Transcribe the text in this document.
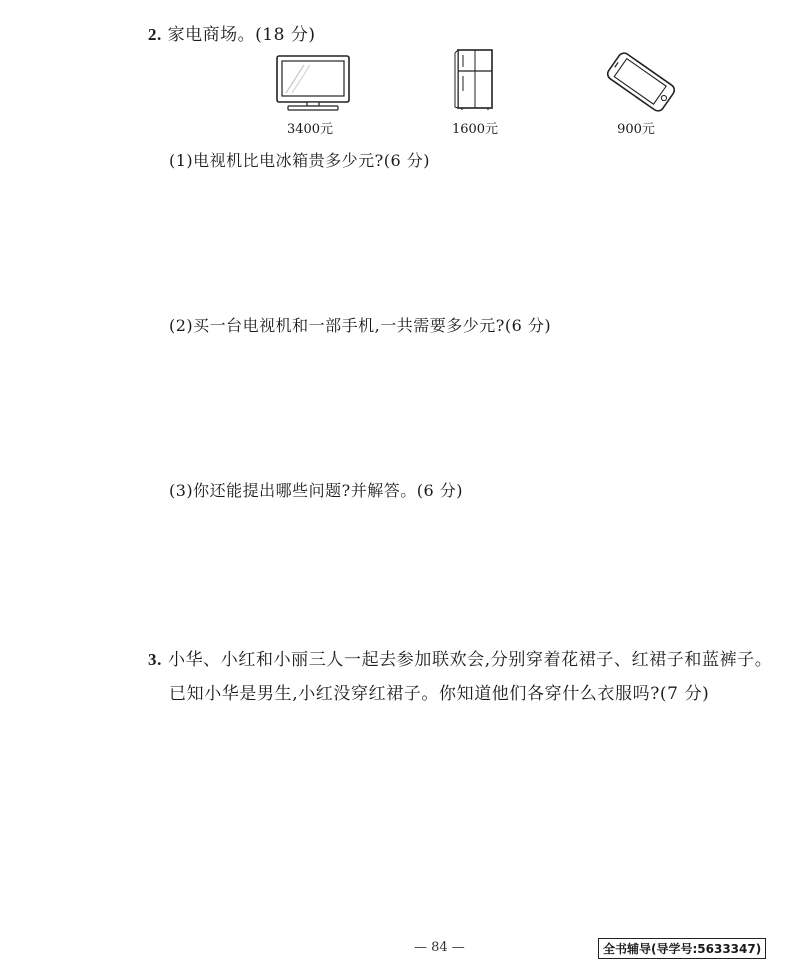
2. 家电商场。(18 分)
3400元	1600元	900元
(1)电视机比电冰箱贵多少元?(6 分)
(2)买一台电视机和一部手机,一共需要多少元?(6 分)
(3)你还能提出哪些问题?并解答。(6 分)
3. 小华、小红和小丽三人一起去参加联欢会,分别穿着花裙子、红裙子和蓝裤子。
已知小华是男生,小红没穿红裙子。你知道他们各穿什么衣服吗?(7 分)
— 84 —	全书辅导(导学号:5633347)
